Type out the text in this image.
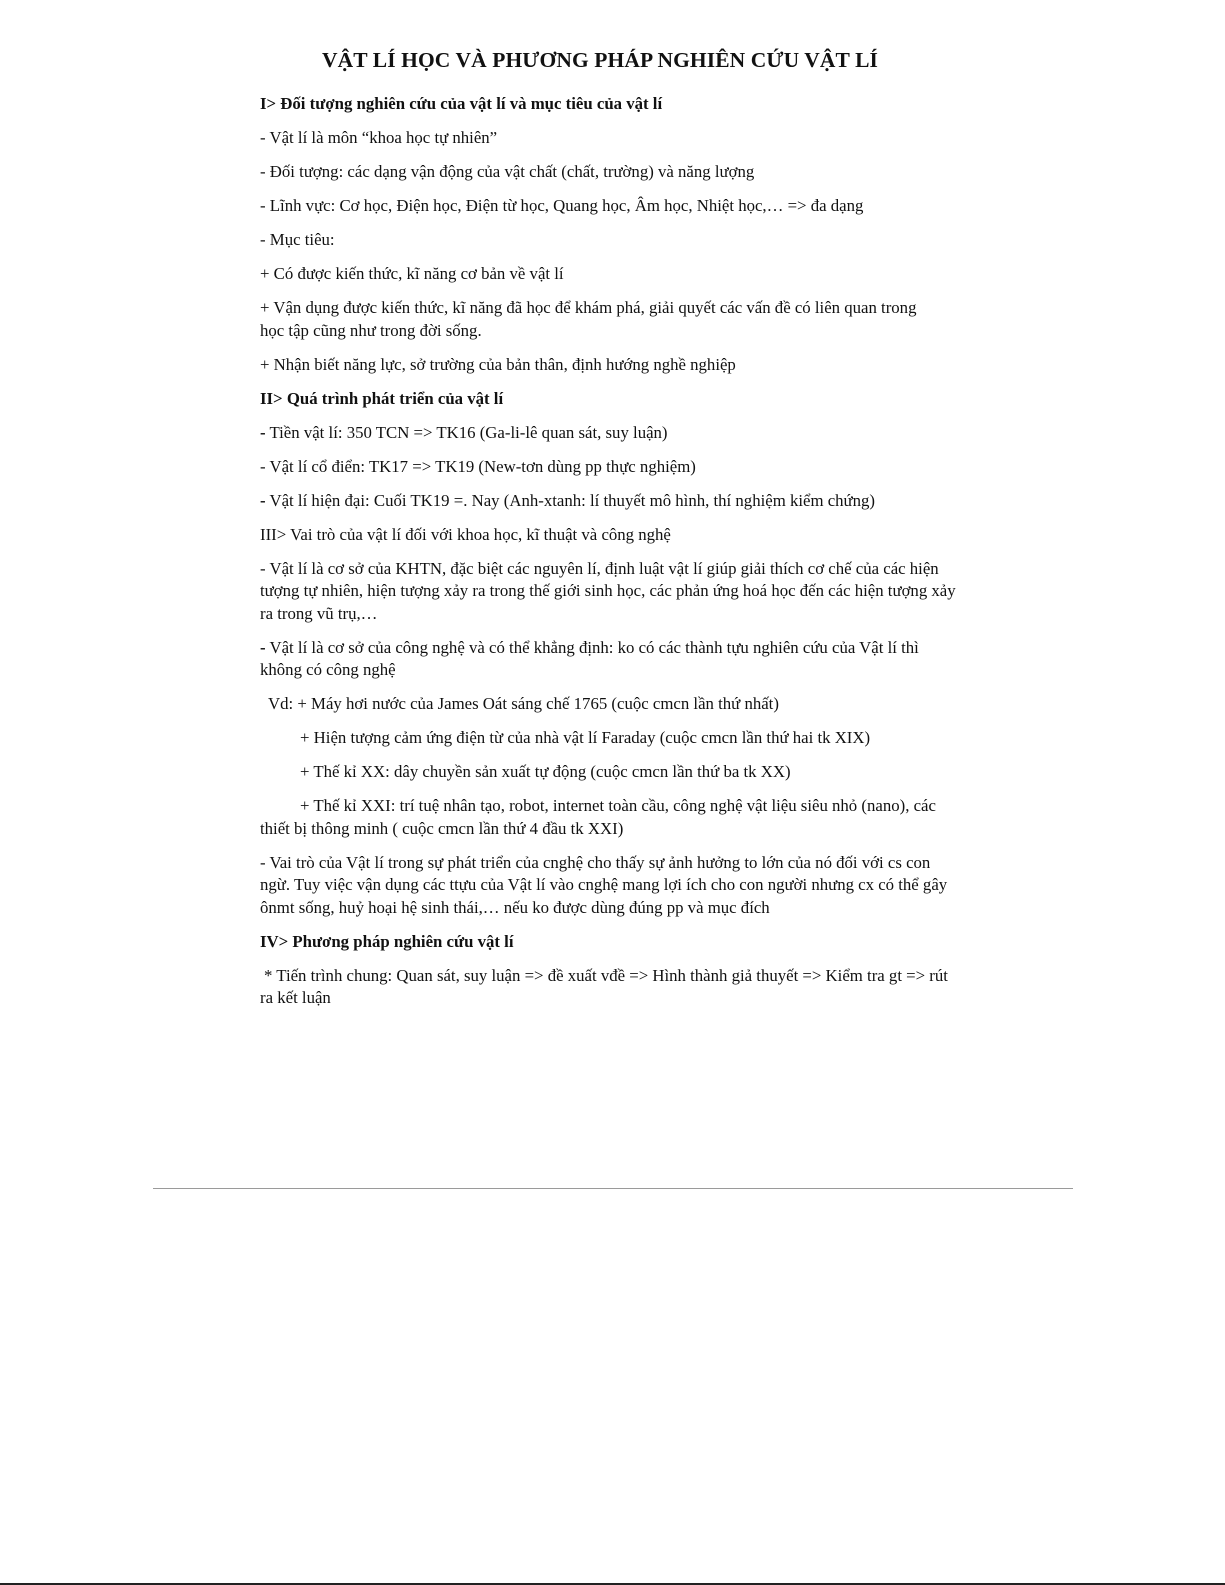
VẬT LÍ HỌC VÀ PHƯƠNG PHÁP NGHIÊN CỨU VẬT LÍ
I> Đối tượng nghiên cứu của vật lí và mục tiêu của vật lí
- Vật lí là môn “khoa học tự nhiên”
- Đối tượng: các dạng vận động của vật chất (chất, trường) và năng lượng
- Lĩnh vực: Cơ học, Điện học, Điện từ học, Quang học, Âm học, Nhiệt học,… => đa dạng
- Mục tiêu:
+ Có được kiến thức, kĩ năng cơ bản về vật lí
+ Vận dụng được kiến thức, kĩ năng đã học để khám phá, giải quyết các vấn đề có liên quan trong học tập cũng như trong đời sống.
+ Nhận biết năng lực, sở trường của bản thân, định hướng nghề nghiệp
II> Quá trình phát triển của vật lí
- Tiền vật lí: 350 TCN => TK16 (Ga-li-lê quan sát, suy luận)
- Vật lí cổ điển: TK17 => TK19 (New-tơn dùng pp thực nghiệm)
- Vật lí hiện đại: Cuối TK19 =. Nay (Anh-xtanh: lí thuyết mô hình, thí nghiệm kiểm chứng)
III> Vai trò của vật lí đối với khoa học, kĩ thuật và công nghệ
- Vật lí là cơ sở của KHTN, đặc biệt các nguyên lí, định luật vật lí giúp giải thích cơ chế của các hiện tượng tự nhiên, hiện tượng xảy ra trong thế giới sinh học, các phản ứng hoá học đến các hiện tượng xảy ra trong vũ trụ,…
- Vật lí là cơ sở của công nghệ và có thể khẳng định: ko có các thành tựu nghiên cứu của Vật lí thì không có công nghệ
Vd: + Máy hơi nước của James Oát sáng chế 1765 (cuộc cmcn lần thứ nhất)
+ Hiện tượng cảm ứng điện từ của nhà vật lí Faraday (cuộc cmcn lần thứ hai tk XIX)
+ Thế kỉ XX: dây chuyền sản xuất tự động (cuộc cmcn lần thứ ba tk XX)
+ Thế kỉ XXI: trí tuệ nhân tạo, robot, internet toàn cầu, công nghệ vật liệu siêu nhỏ (nano), các thiết bị thông minh ( cuộc cmcn lần thứ 4 đầu tk XXI)
- Vai trò của Vật lí trong sự phát triển của cnghệ cho thấy sự ảnh hưởng to lớn của nó đối với cs con ngừ. Tuy việc vận dụng các ttựu của Vật lí vào cnghệ mang lợi ích cho con người nhưng cx có thể gây ônmt sống, huỷ hoại hệ sinh thái,… nếu ko được dùng đúng pp và mục đích
IV> Phương pháp nghiên cứu vật lí
* Tiến trình chung: Quan sát, suy luận => đề xuất vđề => Hình thành giả thuyết => Kiểm tra gt => rút ra kết luận
